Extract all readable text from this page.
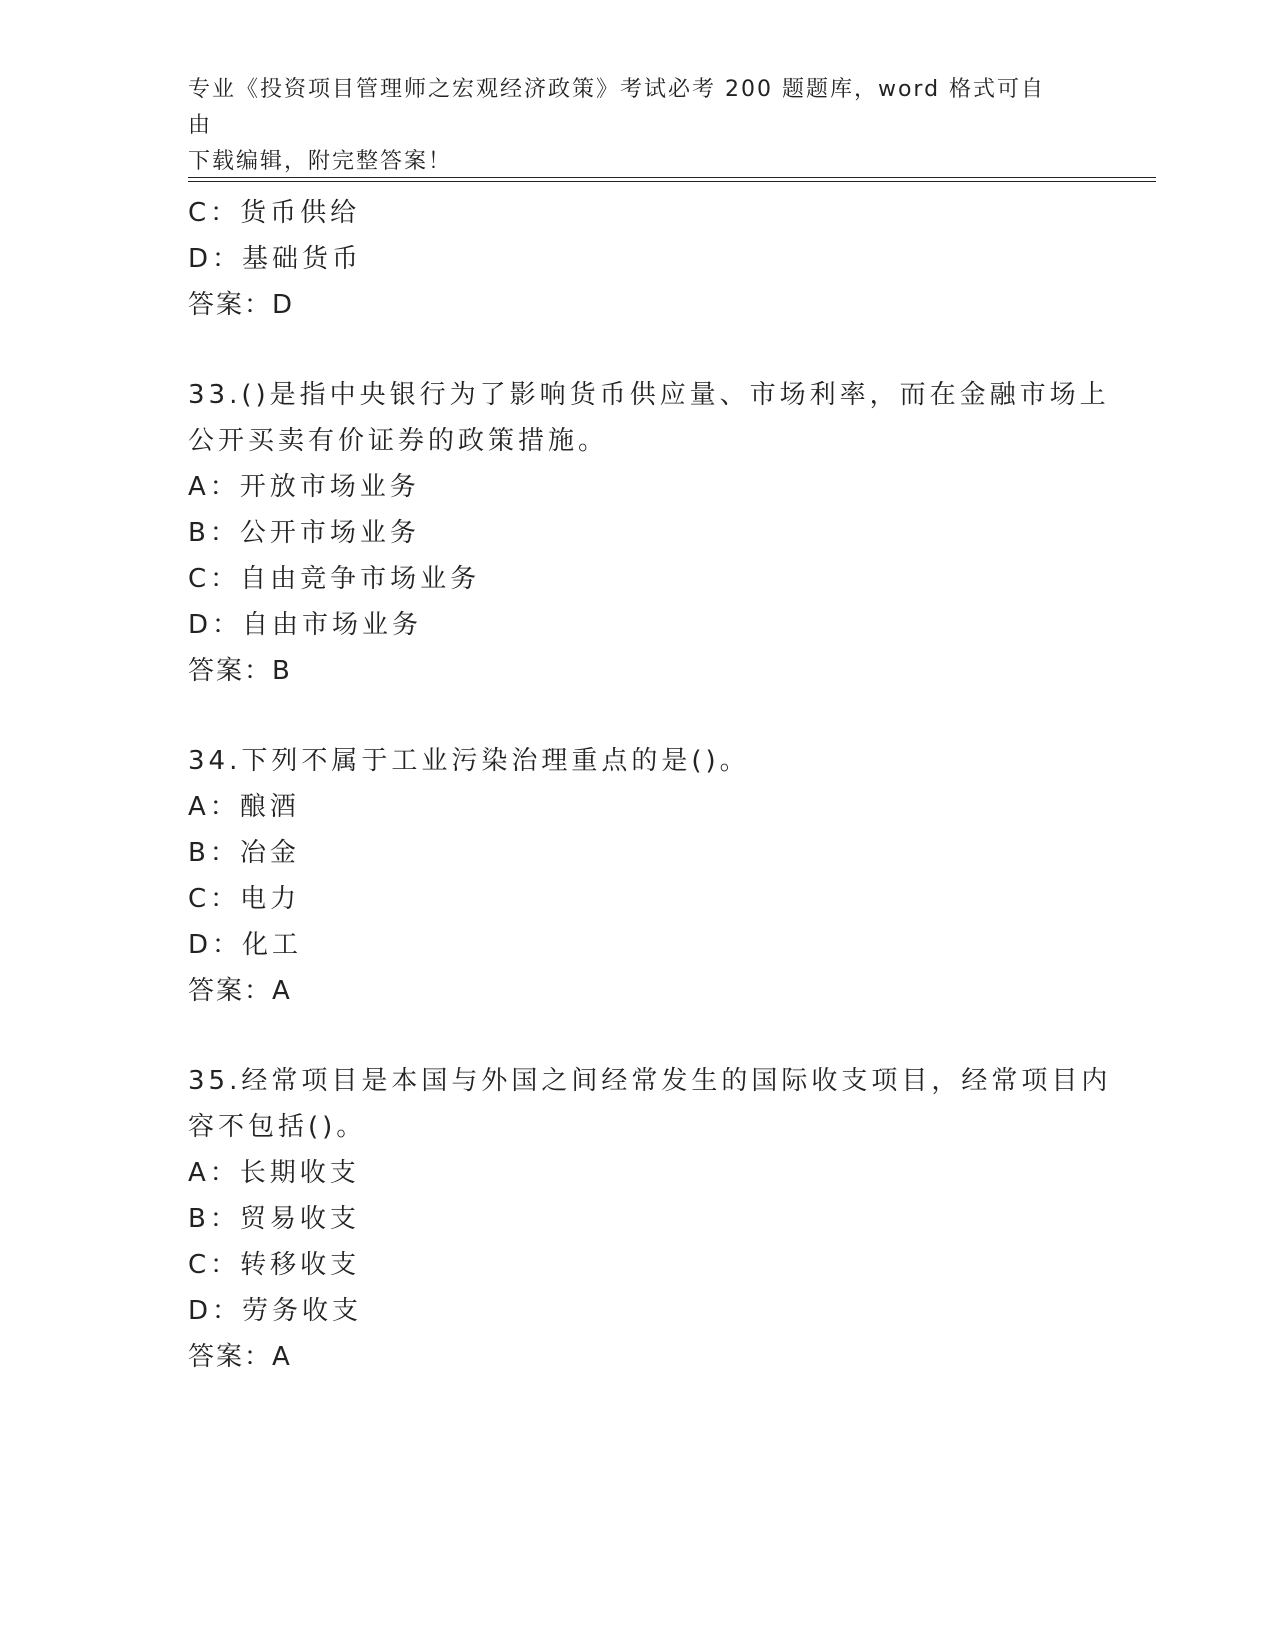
专业《投资项目管理师之宏观经济政策》考试必考 200 题题库，word 格式可自由
下载编辑，附完整答案！
C：货币供给
D：基础货币
答案：D
33.()是指中央银行为了影响货币供应量、市场利率，而在金融市场上
公开买卖有价证券的政策措施。
A：开放市场业务
B：公开市场业务
C：自由竞争市场业务
D：自由市场业务
答案：B
34.下列不属于工业污染治理重点的是()。
A：酿酒
B：冶金
C：电力
D：化工
答案：A
35.经常项目是本国与外国之间经常发生的国际收支项目，经常项目内
容不包括()。
A：长期收支
B：贸易收支
C：转移收支
D：劳务收支
答案：A
